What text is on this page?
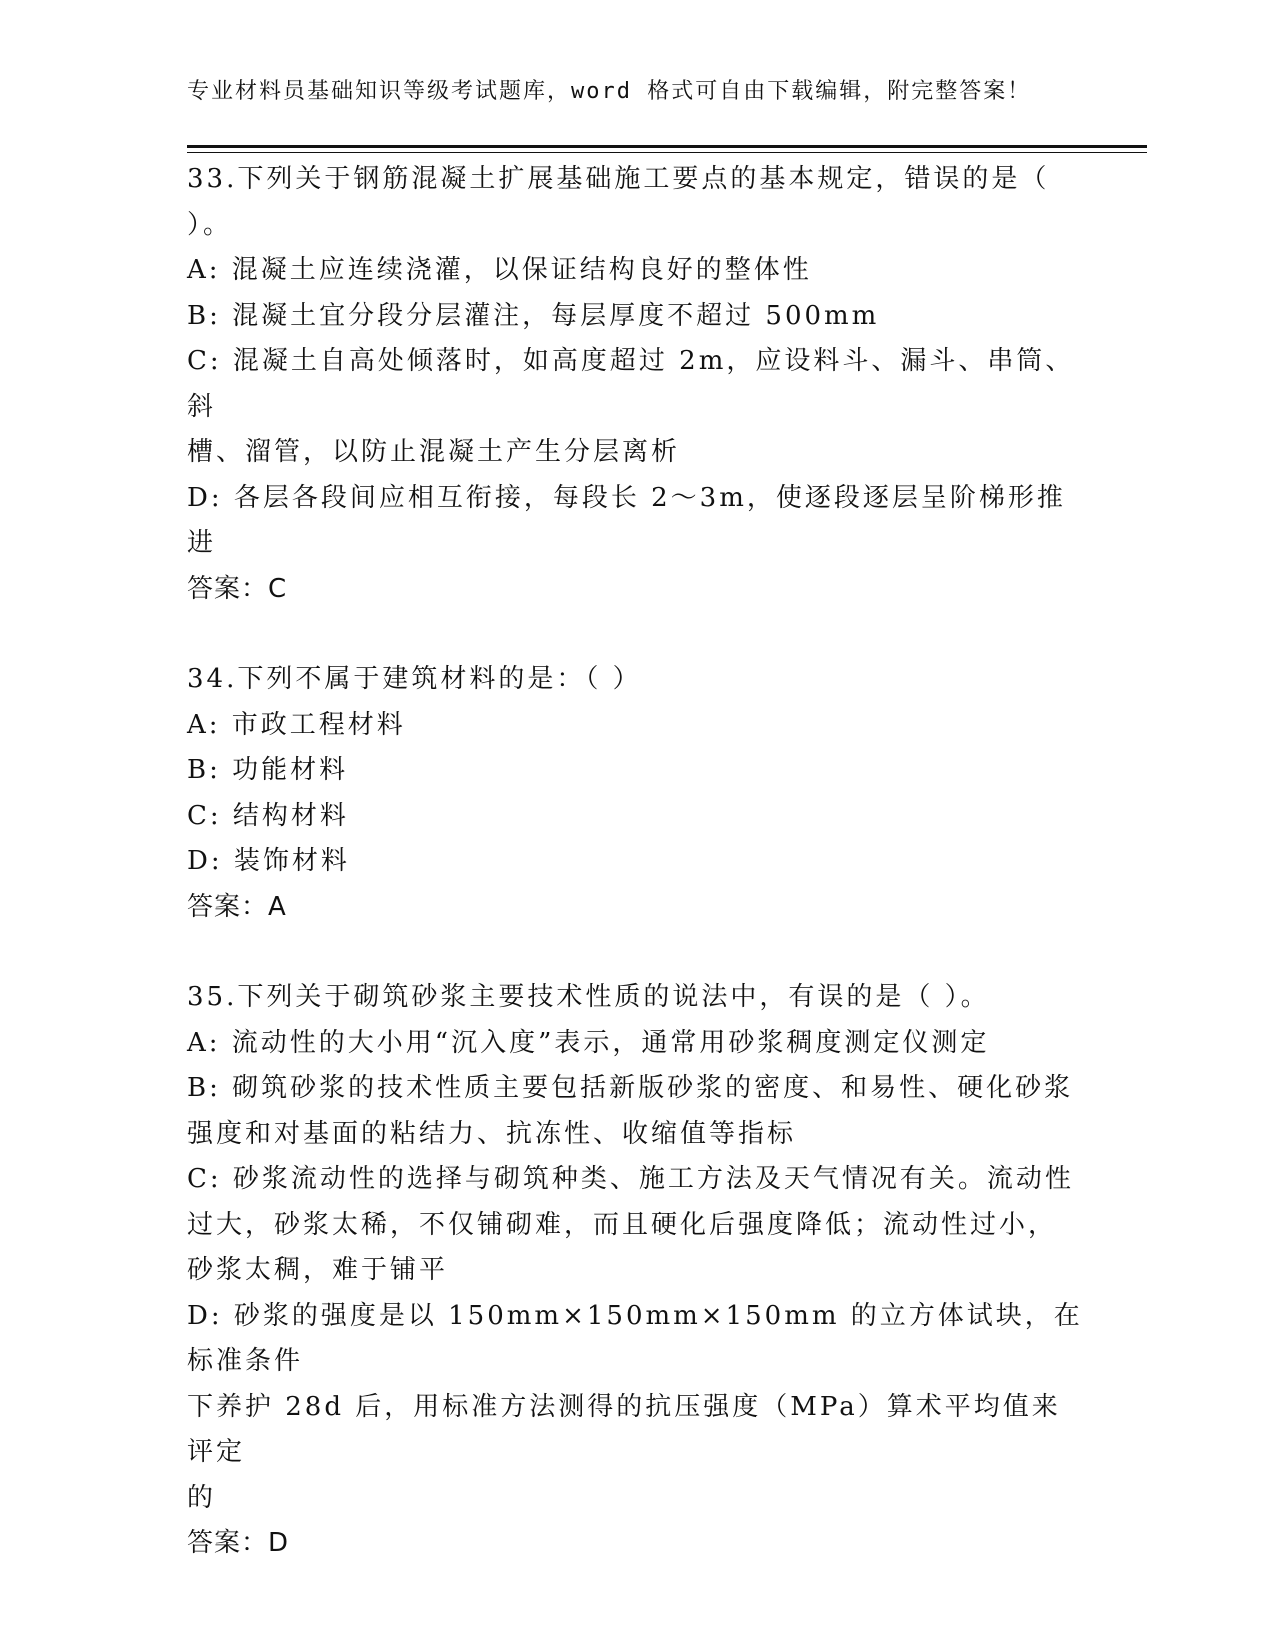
专业材料员基础知识等级考试题库，word 格式可自由下载编辑，附完整答案！

33.下列关于钢筋混凝土扩展基础施工要点的基本规定，错误的是（

）。

A: 混凝土应连续浇灌，以保证结构良好的整体性

B: 混凝土宜分段分层灌注，每层厚度不超过 500mm

C: 混凝土自高处倾落时，如高度超过 2m，应设料斗、漏斗、串筒、斜

槽、溜管，以防止混凝土产生分层离析

D: 各层各段间应相互衔接，每段长 2～3m，使逐段逐层呈阶梯形推进

答案：C

34.下列不属于建筑材料的是：（ ）

A: 市政工程材料

B: 功能材料

C: 结构材料

D: 装饰材料

答案：A

35.下列关于砌筑砂浆主要技术性质的说法中，有误的是（ ）。

A: 流动性的大小用“沉入度”表示，通常用砂浆稠度测定仪测定

B: 砌筑砂浆的技术性质主要包括新版砂浆的密度、和易性、硬化砂浆

强度和对基面的粘结力、抗冻性、收缩值等指标

C: 砂浆流动性的选择与砌筑种类、施工方法及天气情况有关。流动性

过大，砂浆太稀，不仅铺砌难，而且硬化后强度降低；流动性过小，

砂浆太稠，难于铺平

D: 砂浆的强度是以 150mm×150mm×150mm 的立方体试块，在标准条件

下养护 28d 后，用标准方法测得的抗压强度（MPa）算术平均值来评定

的

答案：D
